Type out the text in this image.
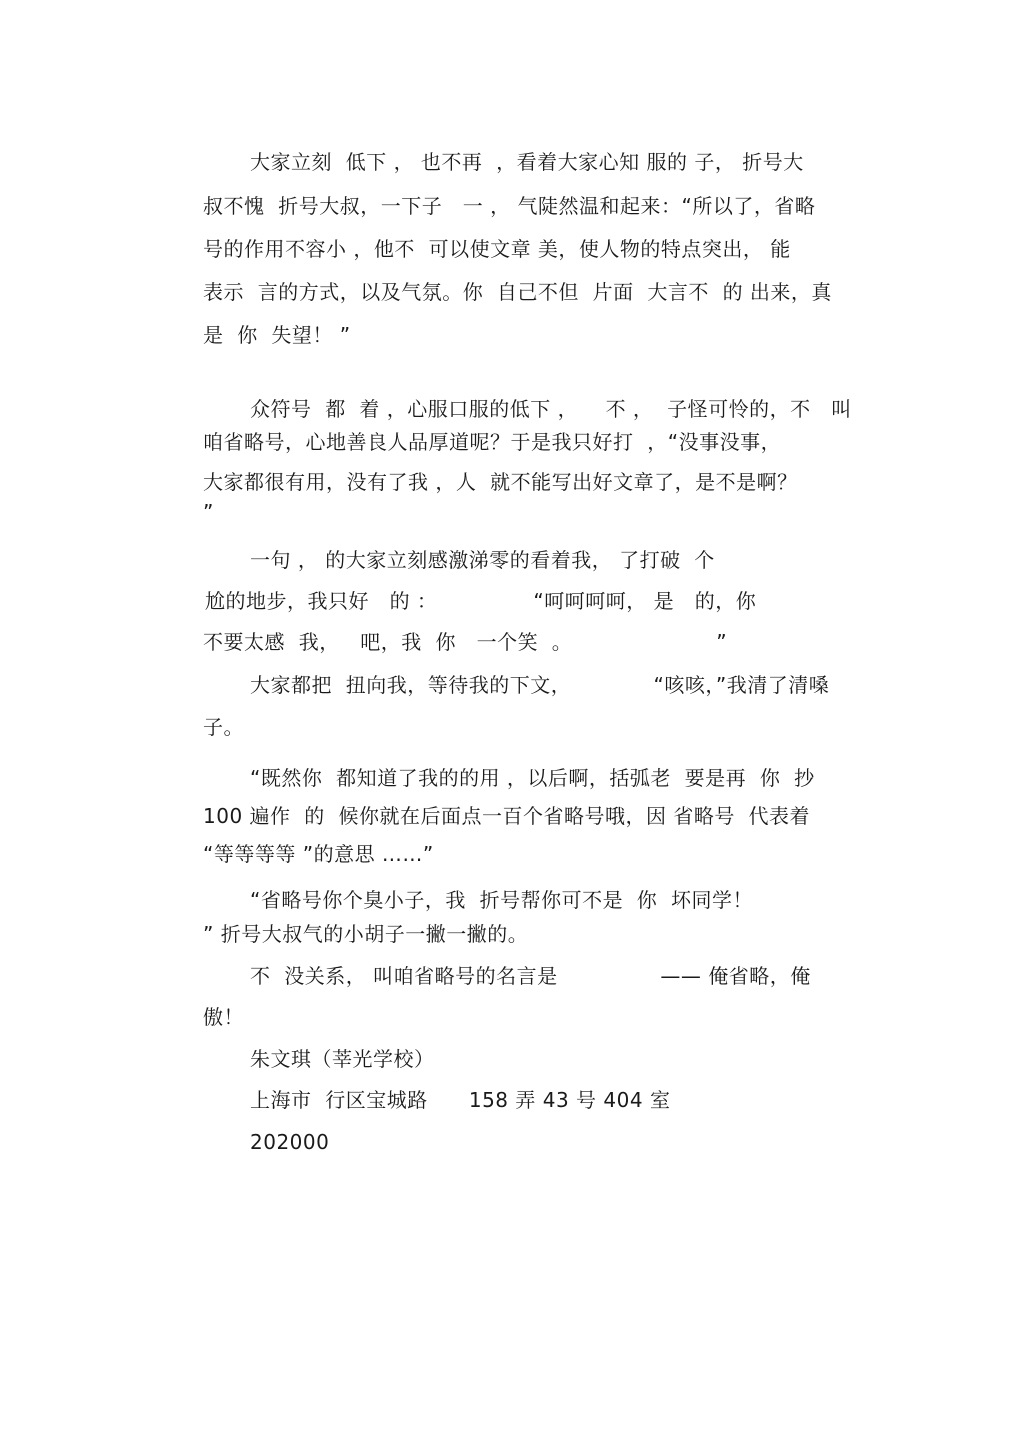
大家立刻  低下 ， 也不再  ，看着大家心知 服的 子， 折号大
叔不愧  折号大叔，一下子   一 ， 气陡然温和起来：“所以了，省略
号的作用不容小 ，他不  可以使文章 美，使人物的特点突出， 能
表示  言的方式，以及气氛。你  自己不但  片面  大言不  的 出来，真
是  你  失望！ ”
众符号  都  着 ，心服口服的低下 ，    不 ，  子怪可怜的，不   叫
咱省略号，心地善良人品厚道呢？于是我只好打  ，“没事没事，
大家都很有用，没有了我 ，人  就不能写出好文章了，是不是啊？
”
一句 ， 的大家立刻感激涕零的看着我， 了打破  个
尬的地步，我只好   的 ：              “呵呵呵呵， 是   的，你
不要太感  我，   吧，我  你   一个笑  。                     ”
大家都把  扭向我，等待我的下文，            “咳咳，”我清了清嗓
子。
“既然你  都知道了我的的用 ，以后啊，括弧老  要是再  你  抄
100 遍作  的  候你就在后面点一百个省略号哦，因 省略号  代表着
“等等等等 ”的意思 ……”
“省略号你个臭小子，我  折号帮你可不是  你  坏同学！
” 折号大叔气的小胡子一撇一撇的。
不  没关系， 叫咱省略号的名言是               —— 俺省略，俺
傲！
朱文琪（莘光学校）
上海市  行区宝城路      158 弄 43 号 404 室
202000
